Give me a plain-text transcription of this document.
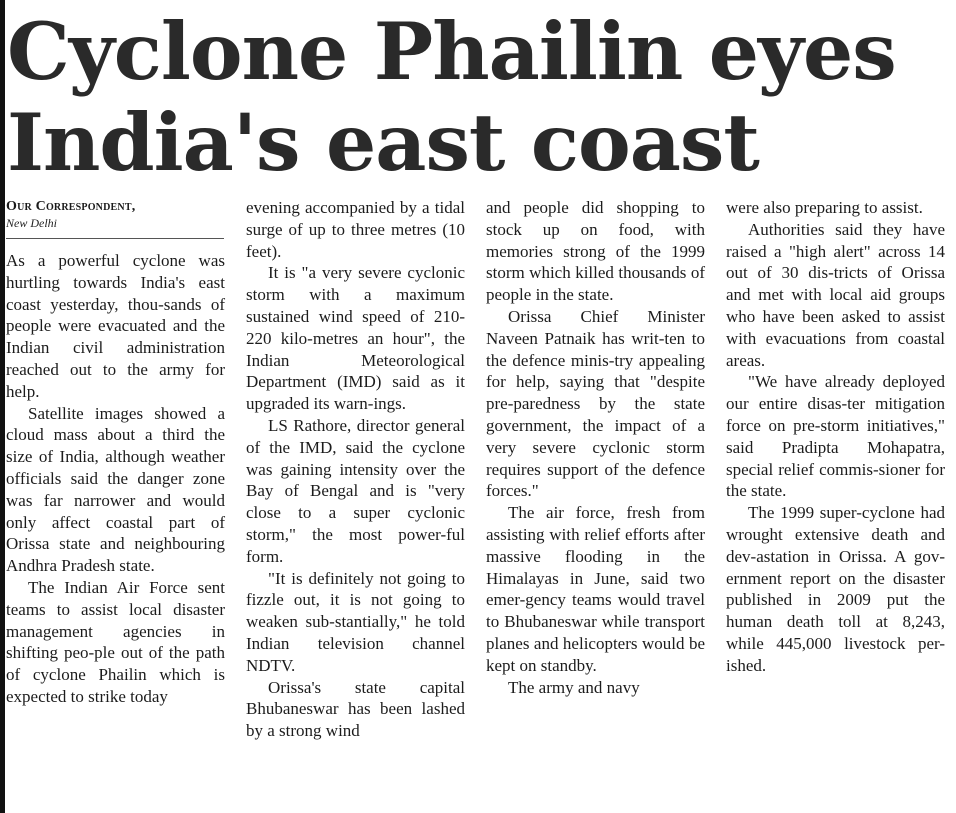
Cyclone Phailin eyes
India's east coast
Our Correspondent,
New Delhi

As a powerful cyclone was hurtling towards India's east coast yesterday, thou-sands of people were evacuated and the Indian civil administration reached out to the army for help.

Satellite images showed a cloud mass about a third the size of India, although weather officials said the danger zone was far narrower and would only affect coastal part of Orissa state and neighbouring Andhra Pradesh state.

The Indian Air Force sent teams to assist local disaster management agencies in shifting peo-ple out of the path of cyclone Phailin which is expected to strike today

evening accompanied by a tidal surge of up to three metres (10 feet).

It is "a very severe cyclonic storm with a maximum sustained wind speed of 210-220 kilo-metres an hour", the Indian Meteorological Department (IMD) said as it upgraded its warn-ings.

LS Rathore, director general of the IMD, said the cyclone was gaining intensity over the Bay of Bengal and is "very close to a super cyclonic storm," the most power-ful form.

"It is definitely not going to fizzle out, it is not going to weaken sub-stantially," he told Indian television channel NDTV.

Orissa's state capital Bhubaneswar has been lashed by a strong wind

and people did shopping to stock up on food, with memories strong of the 1999 storm which killed thousands of people in the state.

Orissa Chief Minister Naveen Patnaik has writ-ten to the defence minis-try appealing for help, saying that "despite pre-paredness by the state government, the impact of a very severe cyclonic storm requires support of the defence forces."

The air force, fresh from assisting with relief efforts after massive flooding in the Himalayas in June, said two emer-gency teams would travel to Bhubaneswar while transport planes and helicopters would be kept on standby.

The army and navy

were also preparing to assist.

Authorities said they have raised a "high alert" across 14 out of 30 dis-tricts of Orissa and met with local aid groups who have been asked to assist with evacuations from coastal areas.

"We have already deployed our entire disas-ter mitigation force on pre-storm initiatives," said Pradipta Mohapatra, special relief commis-sioner for the state.

The 1999 super-cyclone had wrought extensive death and dev-astation in Orissa. A gov-ernment report on the disaster published in 2009 put the human death toll at 8,243, while 445,000 livestock per-ished.
